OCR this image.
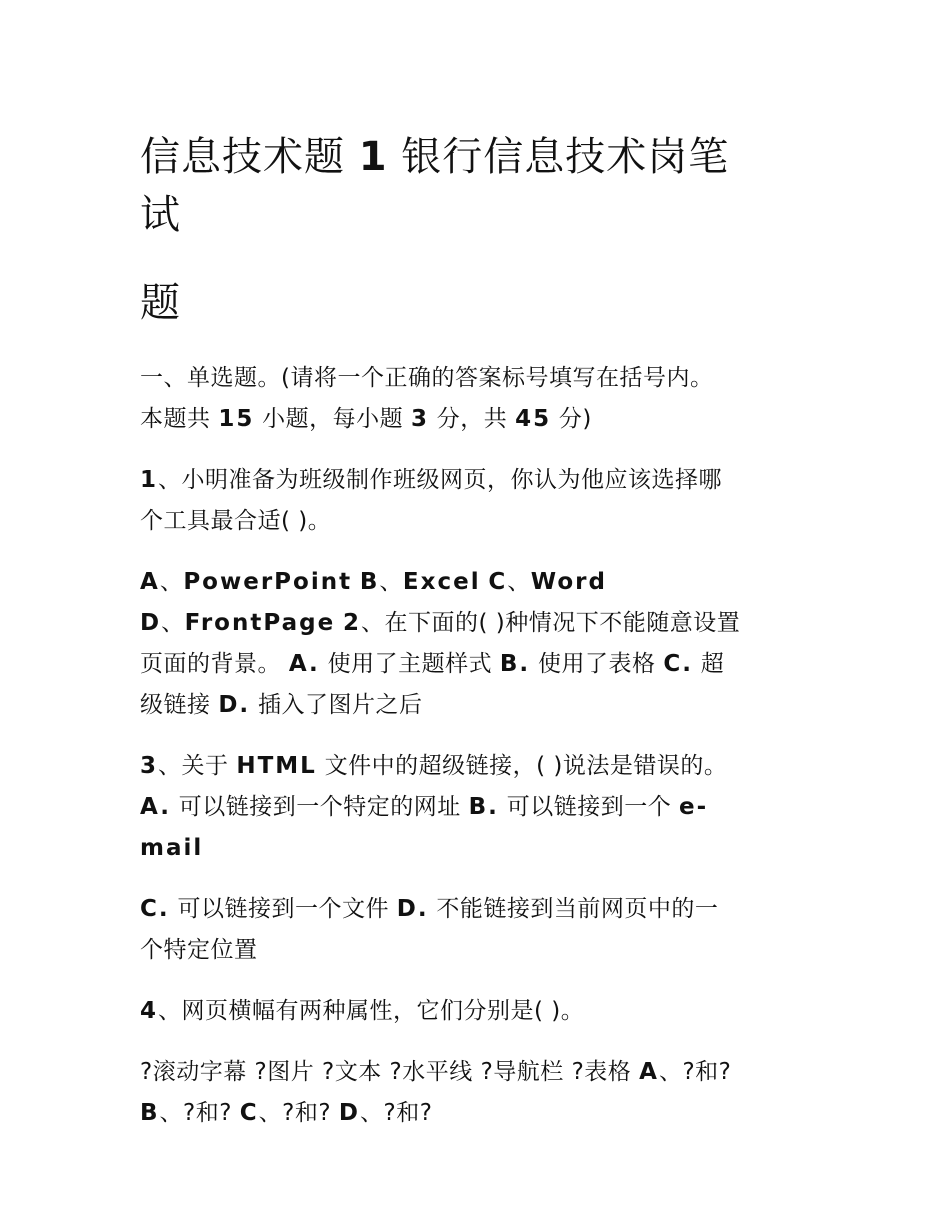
信息技术题 1 银行信息技术岗笔
试

题

一、单选题。(请将一个正确的答案标号填写在括号内。

本题共 15 小题，每小题 3 分，共 45 分)

1、小明准备为班级制作班级网页，你认为他应该选择哪

个工具最合适( )。

A、PowerPoint B、Excel C、Word

D、FrontPage 2、在下面的( )种情况下不能随意设置

页面的背景。 A. 使用了主题样式 B. 使用了表格 C. 超

级链接 D. 插入了图片之后

3、关于 HTML 文件中的超级链接，( )说法是错误的。

A. 可以链接到一个特定的网址 B. 可以链接到一个 e-

mail

C. 可以链接到一个文件 D. 不能链接到当前网页中的一

个特定位置

4、网页横幅有两种属性，它们分别是( )。

?滚动字幕 ?图片 ?文本 ?水平线 ?导航栏 ?表格 A、?和?

B、?和? C、?和? D、?和?
